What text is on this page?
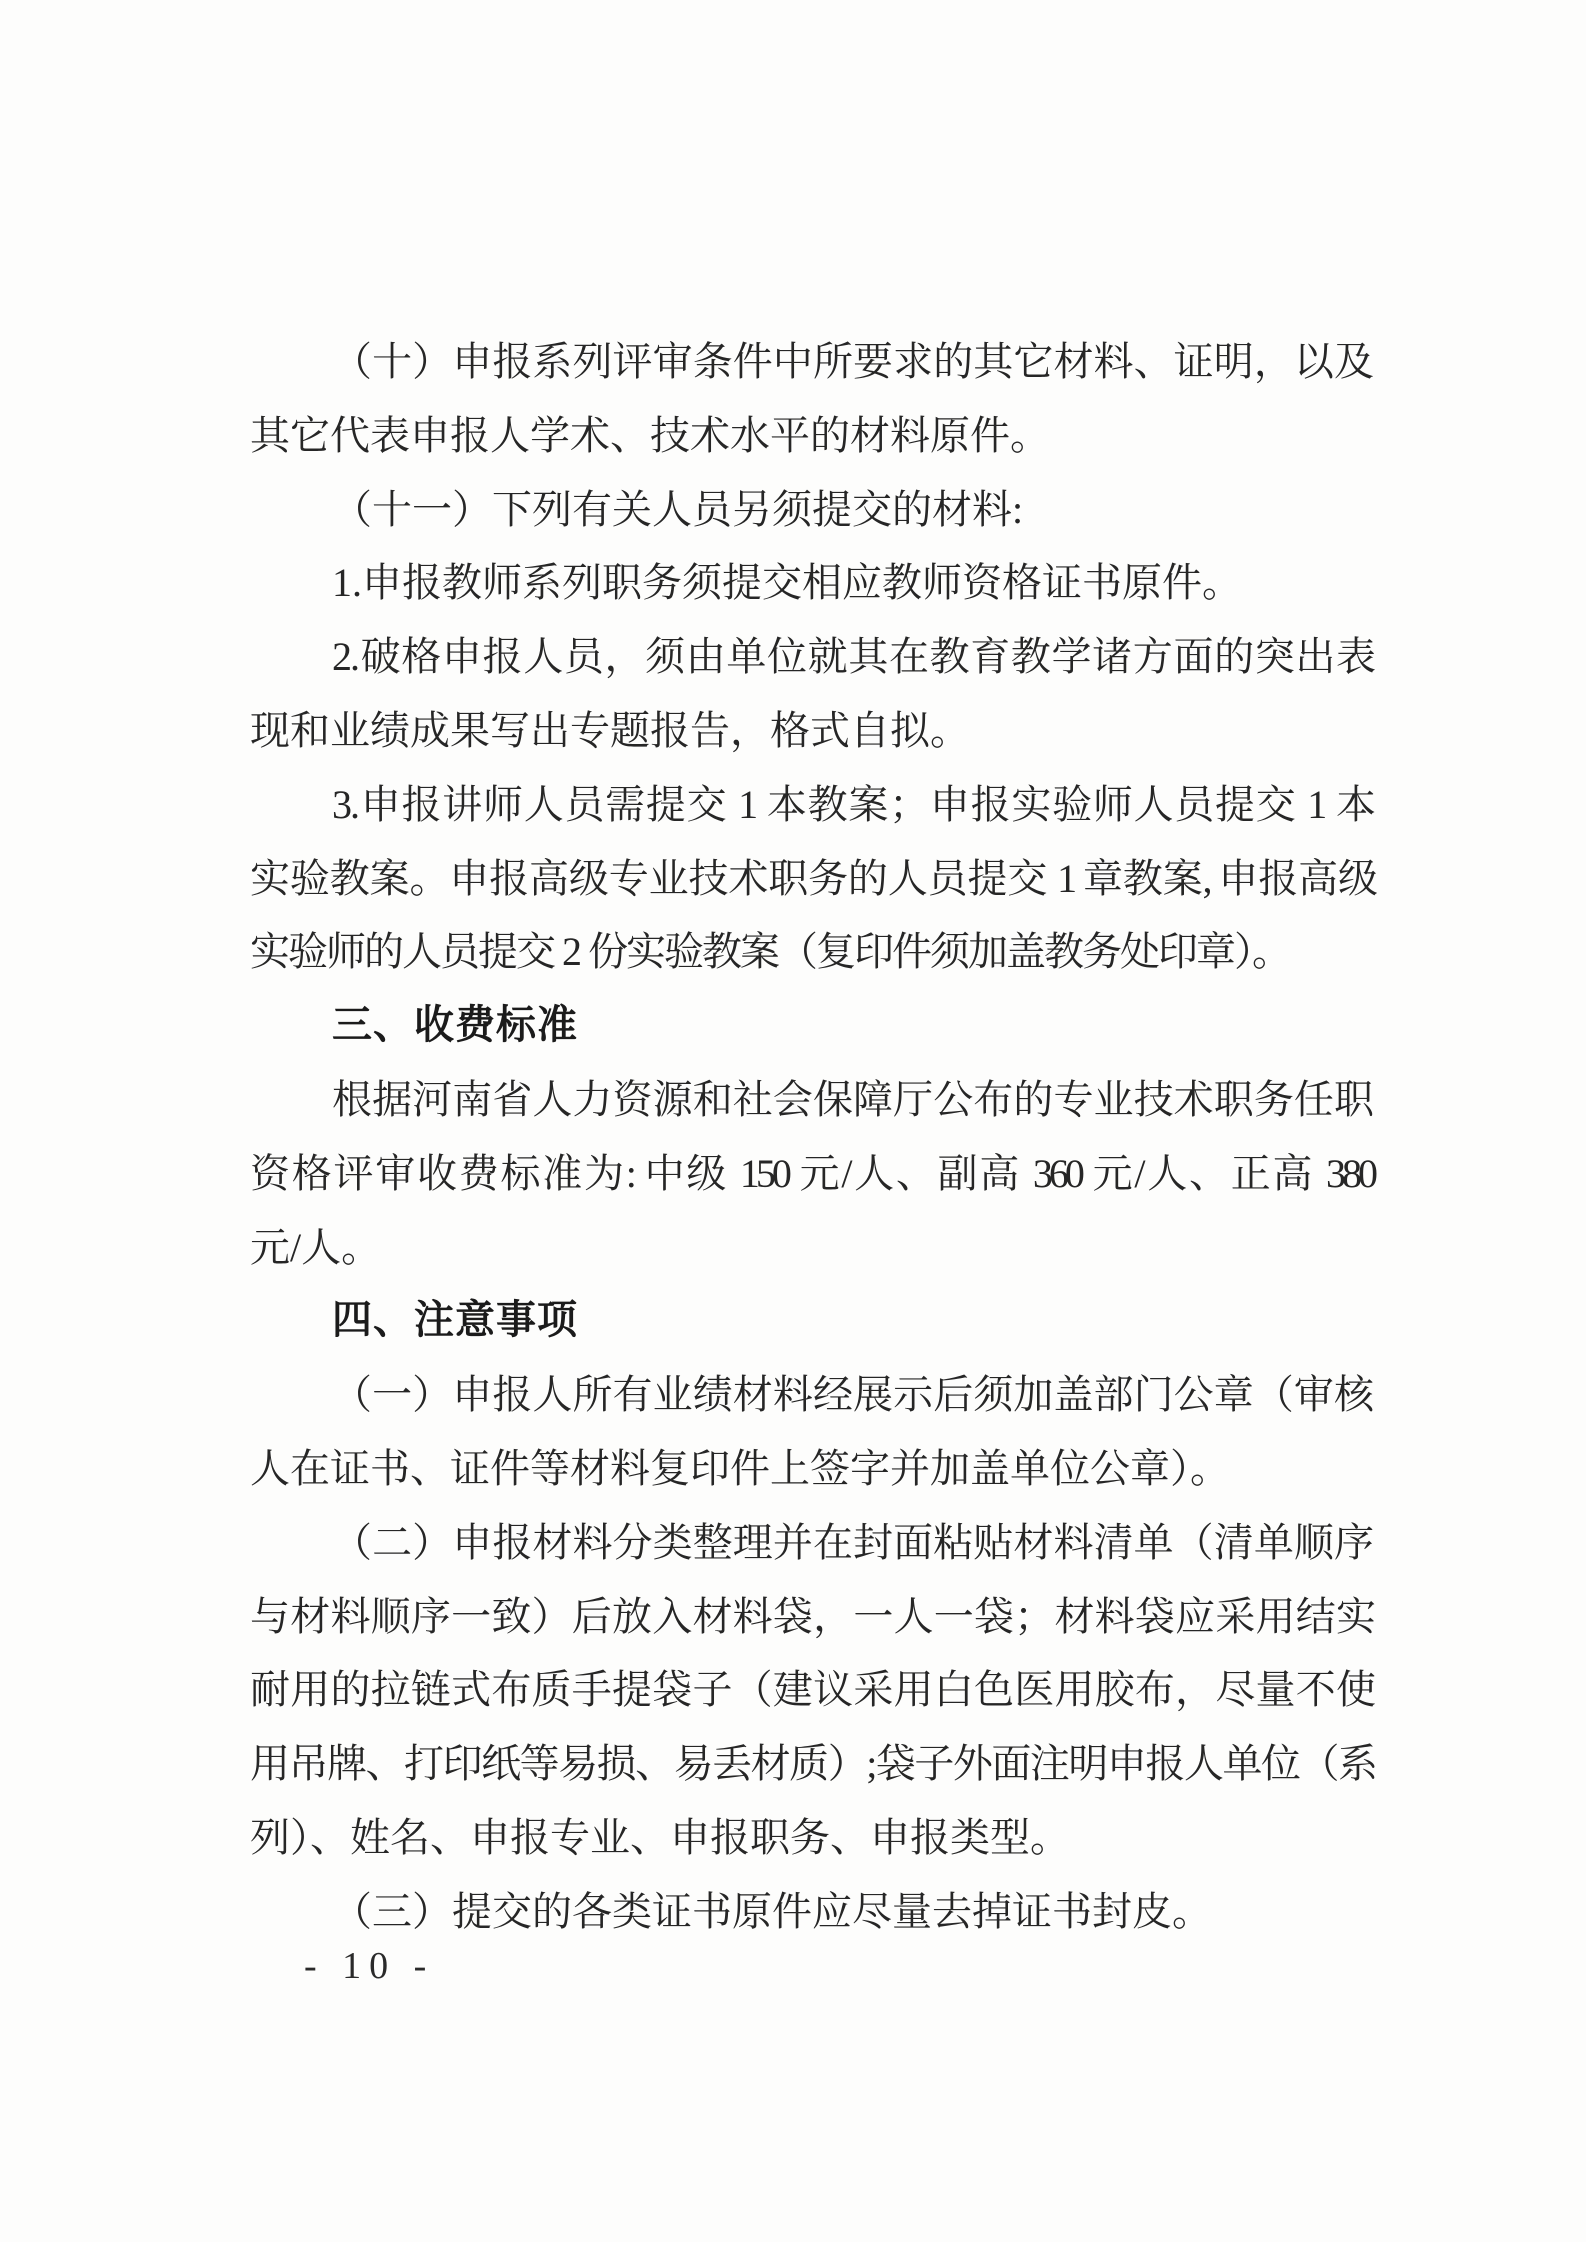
（十）申报系列评审条件中所要求的其它材料、证明，以及

其它代表申报人学术、技术水平的材料原件。

（十一）下列有关人员另须提交的材料:

1.申报教师系列职务须提交相应教师资格证书原件。

2.破格申报人员，须由单位就其在教育教学诸方面的突出表

现和业绩成果写出专题报告，格式自拟。

3.申报讲师人员需提交 1 本教案；申报实验师人员提交 1 本

实验教案。申报高级专业技术职务的人员提交 1 章教案, 申报高级

实验师的人员提交 2 份实验教案（复印件须加盖教务处印章）。

三、收费标准

根据河南省人力资源和社会保障厅公布的专业技术职务任职

资格评审收费标准为: 中级 150 元/人、副高 360 元/人、正高 380

元/人。

四、注意事项

（一）申报人所有业绩材料经展示后须加盖部门公章（审核

人在证书、证件等材料复印件上签字并加盖单位公章）。

（二）申报材料分类整理并在封面粘贴材料清单（清单顺序

与材料顺序一致）后放入材料袋，一人一袋；材料袋应采用结实

耐用的拉链式布质手提袋子（建议采用白色医用胶布，尽量不使

用吊牌、打印纸等易损、易丢材质）;袋子外面注明申报人单位（系

列）、姓名、申报专业、申报职务、申报类型。

（三）提交的各类证书原件应尽量去掉证书封皮。

- 10 -
